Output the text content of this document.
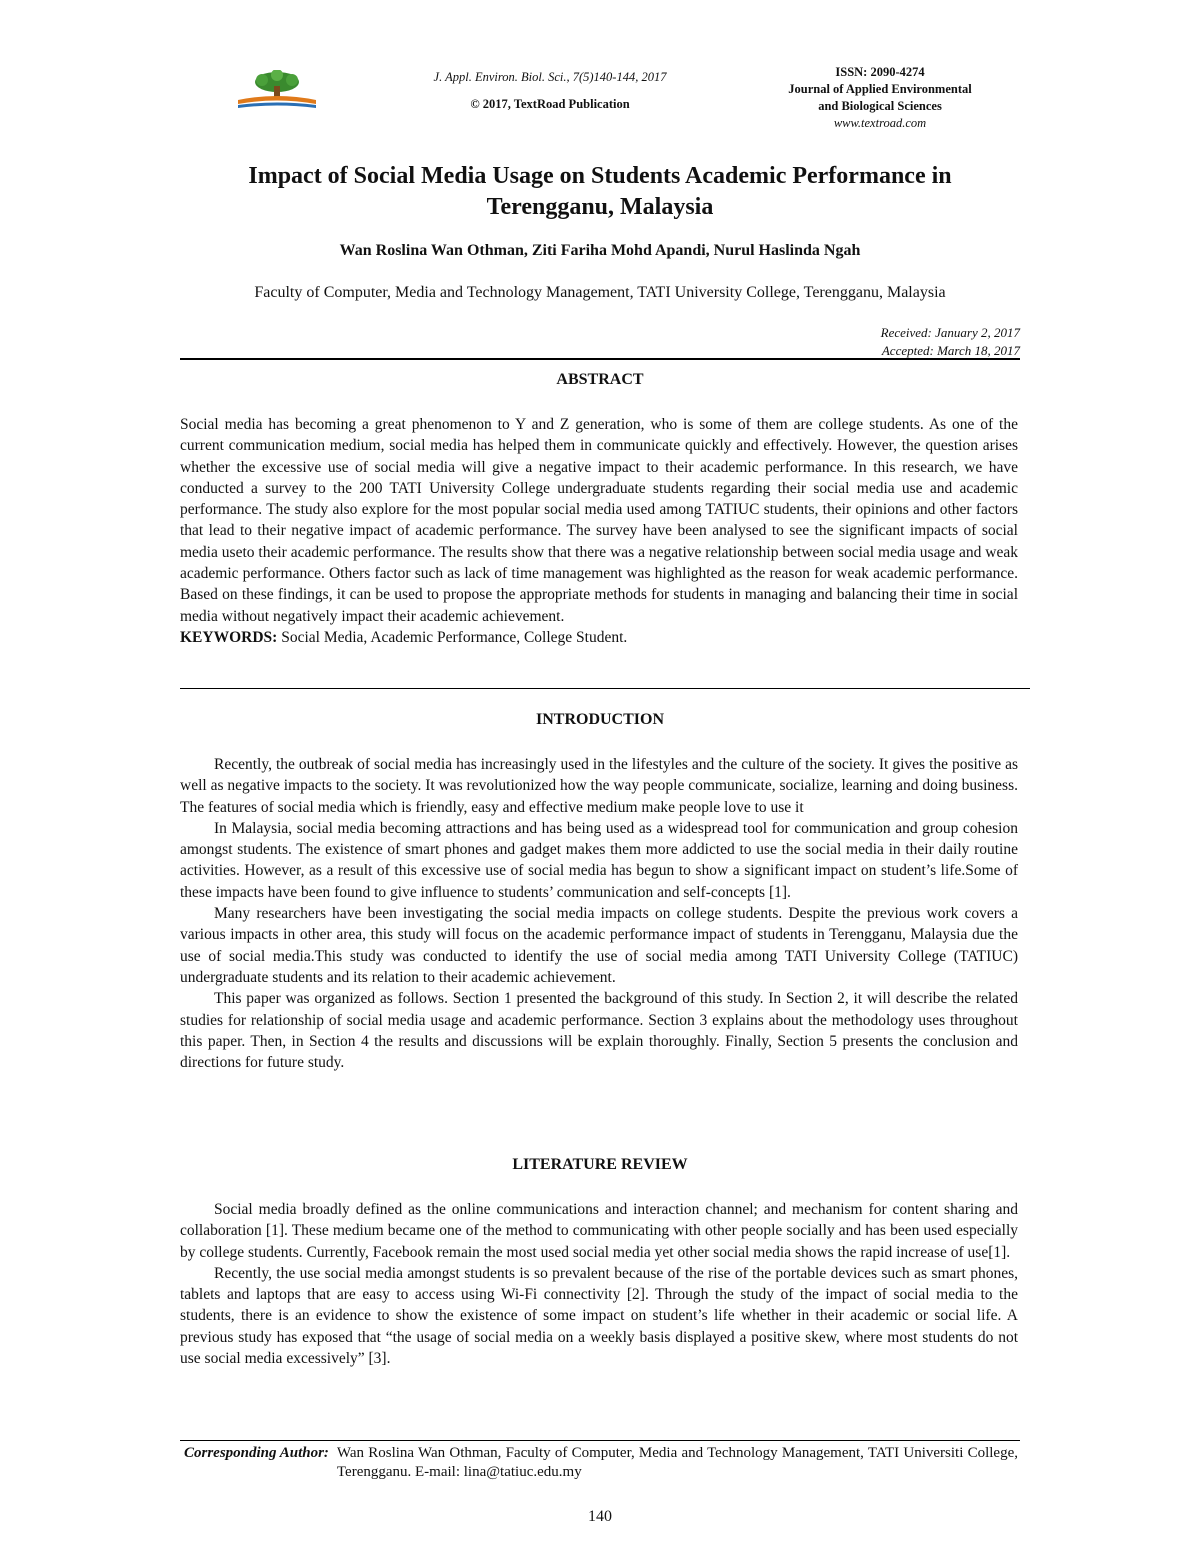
J. Appl. Environ. Biol. Sci., 7(5)140-144, 2017
© 2017, TextRoad Publication
ISSN: 2090-4274
Journal of Applied Environmental
and Biological Sciences
www.textroad.com
Impact of Social Media Usage on Students Academic Performance in
Terengganu, Malaysia
Wan Roslina Wan Othman, Ziti Fariha Mohd Apandi, Nurul Haslinda Ngah
Faculty of Computer, Media and Technology Management, TATI University College, Terengganu, Malaysia
Received: January 2, 2017
Accepted: March 18, 2017
ABSTRACT

Social media has becoming a great phenomenon to Y and Z generation, who is some of them are college students. As one of the current communication medium, social media has helped them in communicate quickly and effectively. However, the question arises whether the excessive use of social media will give a negative impact to their academic performance. In this research, we have conducted a survey to the 200 TATI University College undergraduate students regarding their social media use and academic performance. The study also explore for the most popular social media used among TATIUC students, their opinions and other factors that lead to their negative impact of academic performance. The survey have been analysed to see the significant impacts of social media useto their academic performance. The results show that there was a negative relationship between social media usage and weak academic performance. Others factor such as lack of time management was highlighted as the reason for weak academic performance. Based on these findings, it can be used to propose the appropriate methods for students in managing and balancing their time in social media without negatively impact their academic achievement.

KEYWORDS: Social Media, Academic Performance, College Student.

INTRODUCTION

Recently, the outbreak of social media has increasingly used in the lifestyles and the culture of the society. It gives the positive as well as negative impacts to the society. It was revolutionized how the way people communicate, socialize, learning and doing business. The features of social media which is friendly, easy and effective medium make people love to use it

In Malaysia, social media becoming attractions and has being used as a widespread tool for communication and group cohesion amongst students. The existence of smart phones and gadget makes them more addicted to use the social media in their daily routine activities. However, as a result of this excessive use of social media has begun to show a significant impact on student’s life.Some of these impacts have been found to give influence to students’ communication and self-concepts [1].

Many researchers have been investigating the social media impacts on college students. Despite the previous work covers a various impacts in other area, this study will focus on the academic performance impact of students in Terengganu, Malaysia due the use of social media.This study was conducted to identify the use of social media among TATI University College (TATIUC) undergraduate students and its relation to their academic achievement.

This paper was organized as follows. Section 1 presented the background of this study. In Section 2, it will describe the related studies for relationship of social media usage and academic performance. Section 3 explains about the methodology uses throughout this paper. Then, in Section 4 the results and discussions will be explain thoroughly. Finally, Section 5 presents the conclusion and directions for future study.

LITERATURE REVIEW

Social media broadly defined as the online communications and interaction channel; and mechanism for content sharing and collaboration [1]. These medium became one of the method to communicating with other people socially and has been used especially by college students. Currently, Facebook remain the most used social media yet other social media shows the rapid increase of use[1].

Recently, the use social media amongst students is so prevalent because of the rise of the portable devices such as smart phones, tablets and laptops that are easy to access using Wi-Fi connectivity [2]. Through the study of the impact of social media to the students, there is an evidence to show the existence of some impact on student’s life whether in their academic or social life. A previous study has exposed that “the usage of social media on a weekly basis displayed a positive skew, where most students do not use social media excessively” [3].

Corresponding Author: Wan Roslina Wan Othman, Faculty of Computer, Media and Technology Management, TATI Universiti College, Terengganu. E-mail: lina@tatiuc.edu.my
140
